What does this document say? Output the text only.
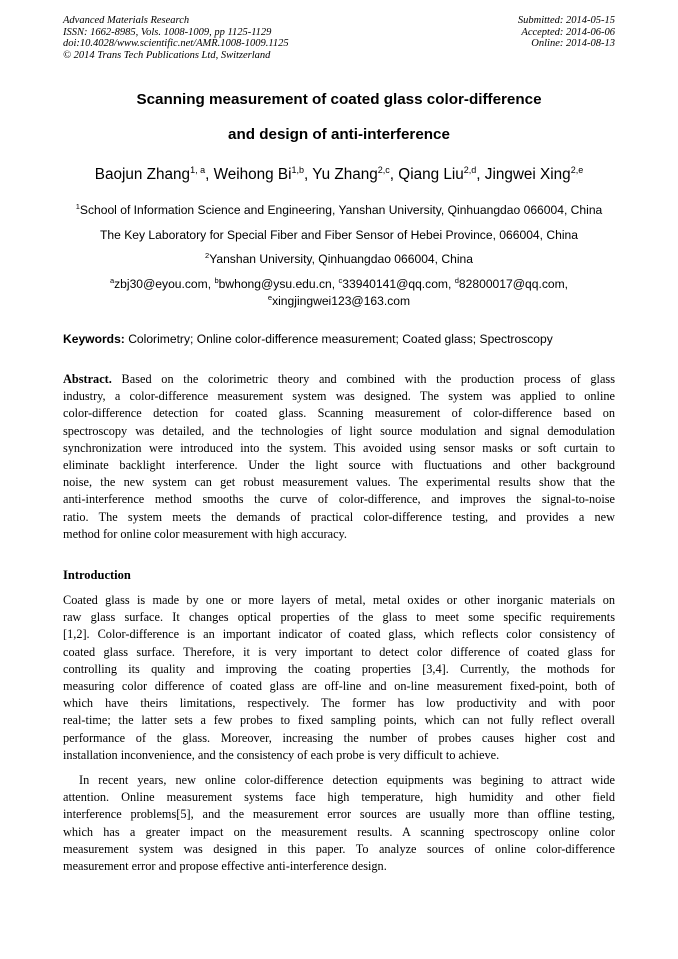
Advanced Materials Research
ISSN: 1662-8985, Vols. 1008-1009, pp 1125-1129
doi:10.4028/www.scientific.net/AMR.1008-1009.1125
© 2014 Trans Tech Publications Ltd, Switzerland
Submitted: 2014-05-15
Accepted: 2014-06-06
Online: 2014-08-13
Scanning measurement of coated glass color-difference
and design of anti-interference
Baojun Zhang$^{1, a}$, Weihong Bi$^{1,b}$, Yu Zhang$^{2,c}$, Qiang Liu$^{2,d}$, Jingwei Xing$^{2,e}$
$^1$School of Information Science and Engineering, Yanshan University, Qinhuangdao 066004, China
The Key Laboratory for Special Fiber and Fiber Sensor of Hebei Province, 066004, China
$^2$Yanshan University, Qinhuangdao 066004, China
$^a$zbj30@eyou.com, $^b$bwhong@ysu.edu.cn, $^c$33940141@qq.com, $^d$82800017@qq.com,
$^e$xingjingwei123@163.com
Keywords: Colorimetry; Online color-difference measurement; Coated glass; Spectroscopy
Abstract. Based on the colorimetric theory and combined with the production process of glass
industry, a color-difference measurement system was designed. The system was applied to online
color-difference detection for coated glass. Scanning measurement of color-difference based on
spectroscopy was detailed, and the technologies of light source modulation and signal demodulation
synchronization were introduced into the system. This avoided using sensor masks or soft curtain to
eliminate backlight interference. Under the light source with fluctuations and other background
noise, the new system can get robust measurement values. The experimental results show that the
anti-interference method smooths the curve of color-difference, and improves the signal-to-noise
ratio. The system meets the demands of practical color-difference testing, and provides a new
method for online color measurement with high accuracy.
Introduction
Coated glass is made by one or more layers of metal, metal oxides or other inorganic materials on
raw glass surface. It changes optical properties of the glass to meet some specific requirements
[1,2]. Color-difference is an important indicator of coated glass, which reflects color consistency of
coated glass surface. Therefore, it is very important to detect color difference of coated glass for
controlling its quality and improving the coating properties [3,4]. Currently, the mothods for
measuring color difference of coated glass are off-line and on-line measurement fixed-point, both of
which have theirs limitations, respectively. The former has low productivity and with poor
real-time; the latter sets a few probes to fixed sampling points, which can not fully reflect overall
performance of the glass. Moreover, increasing the number of probes causes higher cost and
installation inconvenience, and the consistency of each probe is very difficult to achieve.
In recent years, new online color-difference detection equipments was begining to attract wide
attention. Online measurement systems face high temperature, high humidity and other field
interference problems[5], and the measurement error sources are usually more than offline testing,
which has a greater impact on the measurement results. A scanning spectroscopy online color
measurement system was designed in this paper. To analyze sources of online color-difference
measurement error and propose effective anti-interference design.
